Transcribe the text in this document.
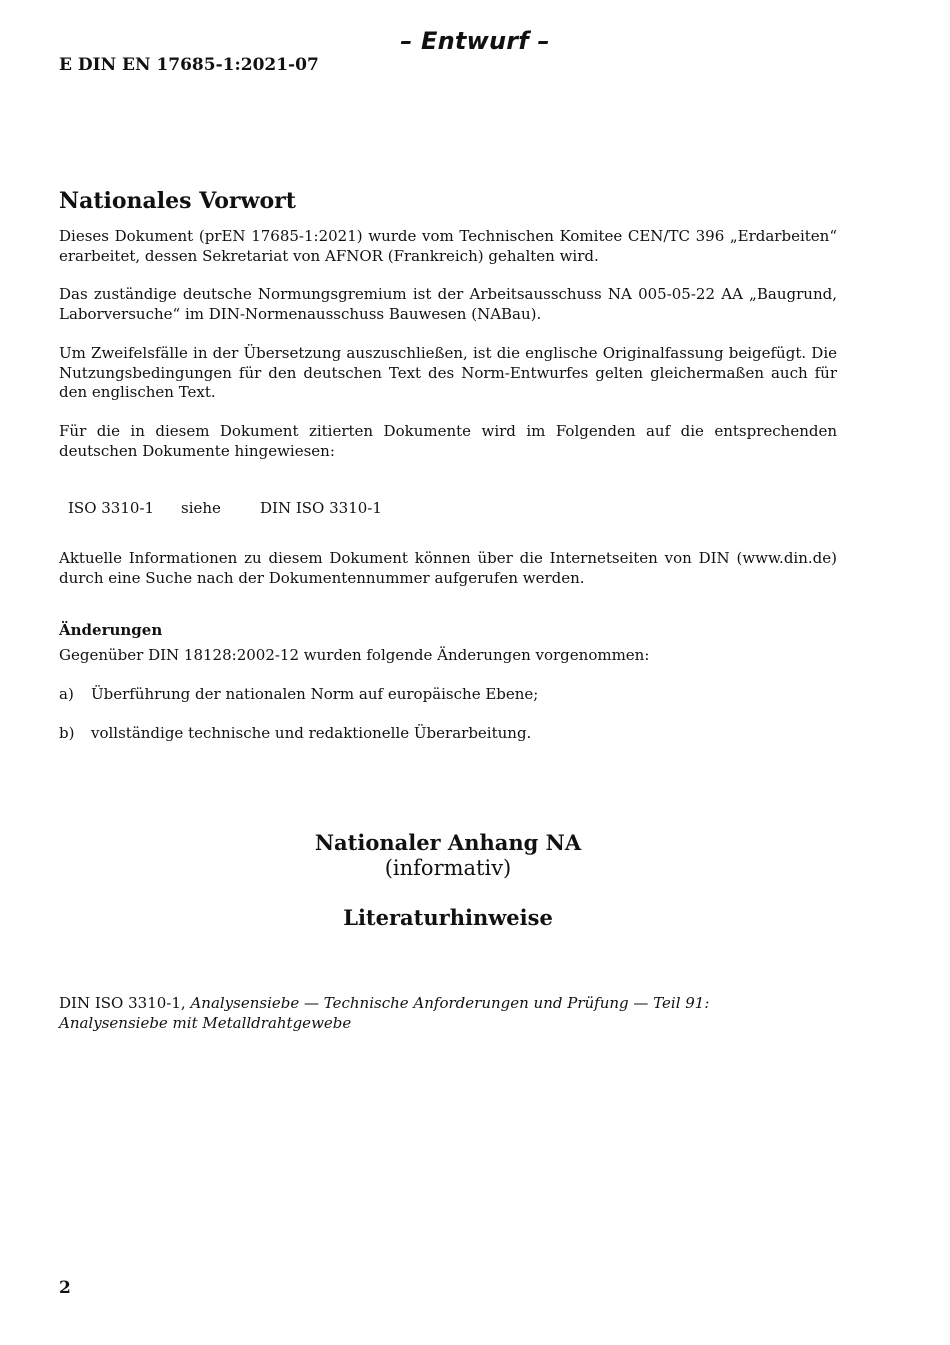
– Entwurf –
E DIN EN 17685-1:2021-07
Nationales Vorwort

Dieses Dokument (prEN 17685-1:2021) wurde vom Technischen Komitee CEN/TC 396 „Erdarbeiten“ erarbeitet, dessen Sekretariat von AFNOR (Frankreich) gehalten wird.

Das zuständige deutsche Normungsgremium ist der Arbeitsausschuss NA 005-05-22 AA „Baugrund, Laborversuche“ im DIN-Normenausschuss Bauwesen (NABau).

Um Zweifelsfälle in der Übersetzung auszuschließen, ist die englische Originalfassung beigefügt. Die Nutzungsbedingungen für den deutschen Text des Norm-Entwurfes gelten gleichermaßen auch für den englischen Text.

Für die in diesem Dokument zitierten Dokumente wird im Folgenden auf die entsprechenden deutschen Dokumente hingewiesen:

ISO 3310-1 siehe	DIN ISO 3310-1

Aktuelle Informationen zu diesem Dokument können über die Internetseiten von DIN (www.din.de) durch eine Suche nach der Dokumentennummer aufgerufen werden.

Änderungen

Gegenüber DIN 18128:2002-12 wurden folgende Änderungen vorgenommen:

a) Überführung der nationalen Norm auf europäische Ebene;
b) vollständige technische und redaktionelle Überarbeitung.
Nationaler Anhang NA
(informativ)
Literaturhinweise

DIN ISO 3310-1, Analysensiebe — Technische Anforderungen und Prüfung — Teil 91: Analysensiebe mit Metalldrahtgewebe

2
